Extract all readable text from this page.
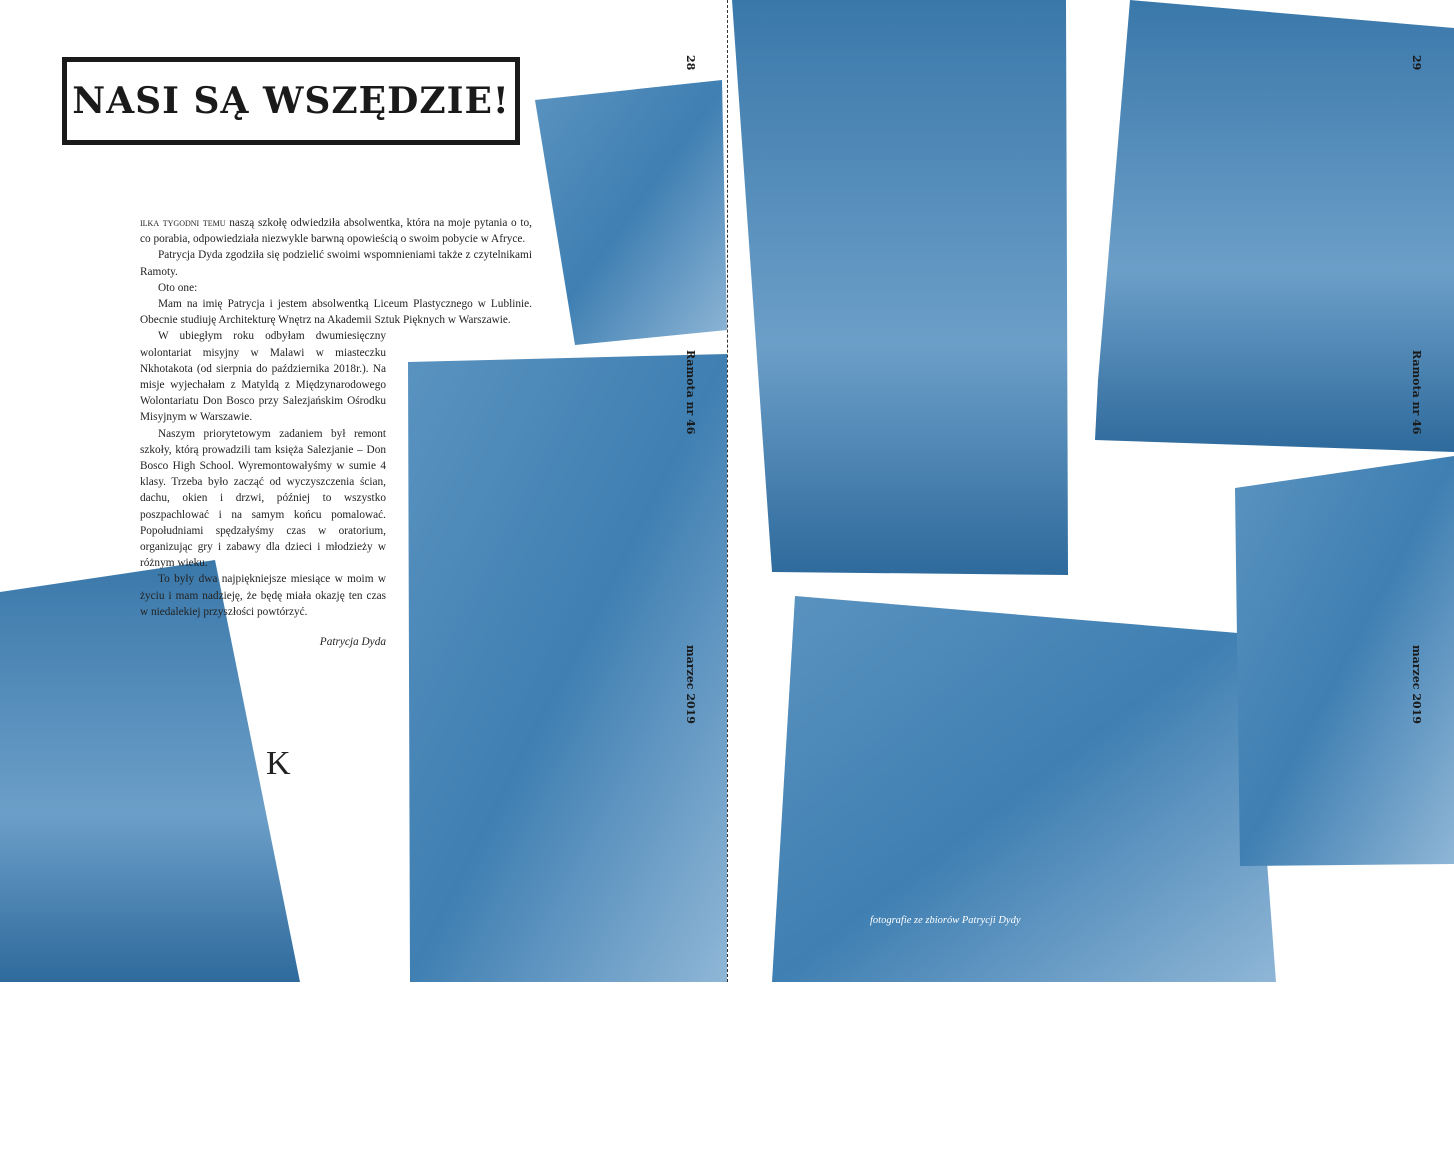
NASI SĄ WSZĘDZIE!
28
Ramota nr 46
marzec 2019
29
Ramota nr 46
marzec 2019

K
ilka tygodni temu naszą szkołę odwiedziła absolwentka, która na moje pytania o to, co porabia, odpowiedziała niezwykle barwną opowieścią o swoim pobycie w Afryce.

Patrycja Dyda zgodziła się podzielić swoimi wspomnieniami także z czytelnikami Ramoty.

Oto one:

Mam na imię Patrycja i jestem absolwentką Liceum Plastycznego w Lublinie. Obecnie studiuję Architekturę Wnętrz na Akademii Sztuk Pięknych w Warszawie.

W ubiegłym roku odbyłam dwumiesięczny wolontariat misyjny w Malawi w miasteczku Nkhotakota (od sierpnia do października 2018r.). Na misje wyjechałam z Matyldą z Międzynarodowego Wolontariatu Don Bosco przy Salezjańskim Ośrodku Misyjnym w Warszawie.

Naszym priorytetowym zadaniem był remont szkoły, którą prowadzili tam księża Salezjanie – Don Bosco High School. Wyremontowałyśmy w sumie 4 klasy. Trzeba było zacząć od wyczyszczenia ścian, dachu, okien i drzwi, później to wszystko poszpachlować i na samym końcu pomalować. Popołudniami spędzałyśmy czas w oratorium, organizując gry i zabawy dla dzieci i młodzieży w różnym wieku.

To były dwa najpiękniejsze miesiące w moim w życiu i mam nadzieję, że będę miała okazję ten czas w niedalekiej przyszłości powtórzyć.

Patrycja Dyda

fotografie ze zbiorów Patrycji Dydy
